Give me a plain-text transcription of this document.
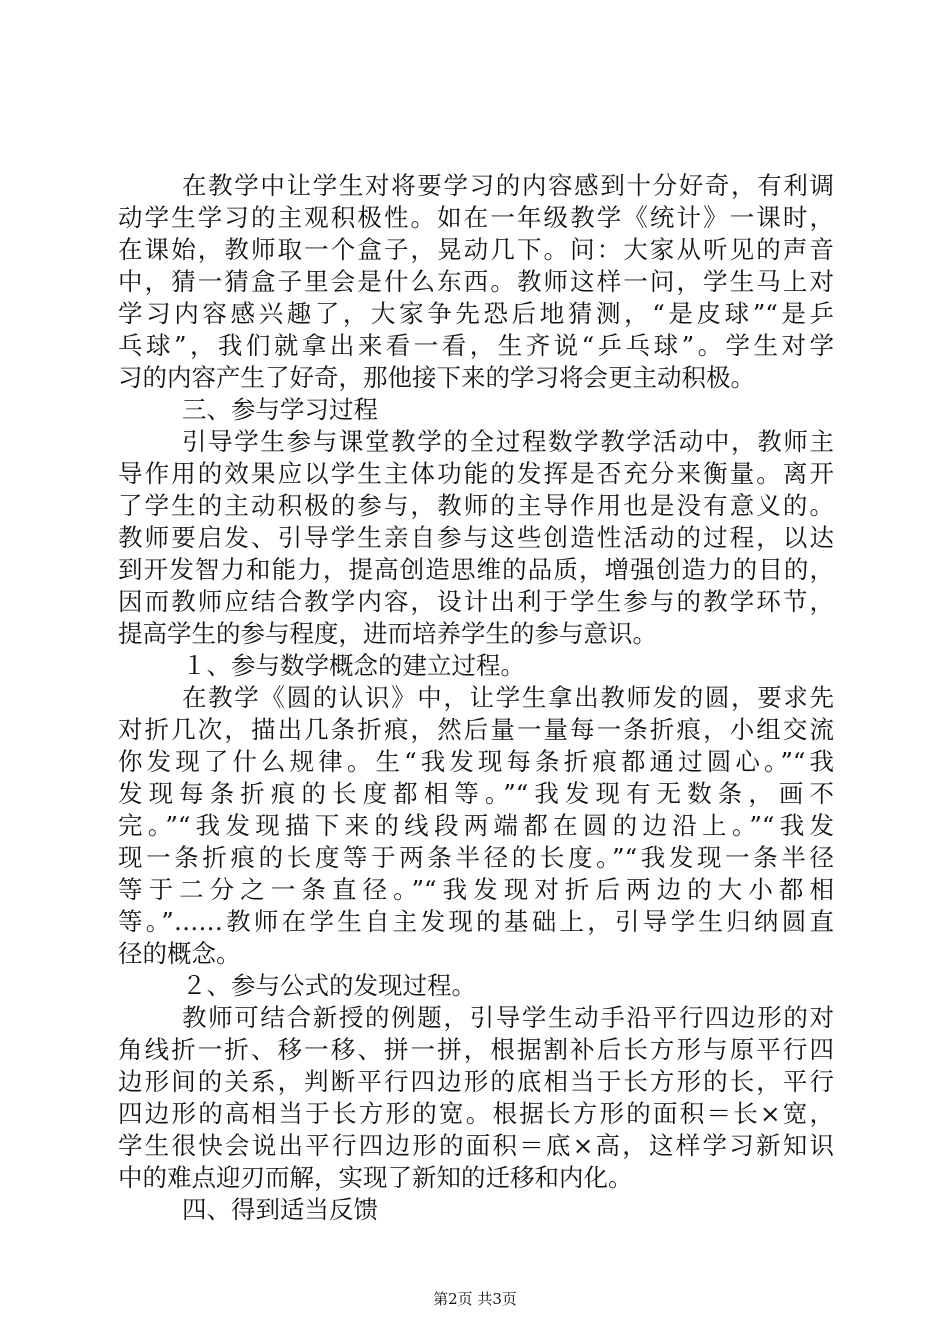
在教学中让学生对将要学习的内容感到十分好奇，有利调
动学生学习的主观积极性。如在一年级教学《统计》一课时，
在课始，教师取一个盒子，晃动几下。问：大家从听见的声音
中，猜一猜盒子里会是什么东西。教师这样一问，学生马上对
学习内容感兴趣了，大家争先恐后地猜测，“是皮球”“是乒
乓球”，我们就拿出来看一看，生齐说“乒乓球”。学生对学
习的内容产生了好奇，那他接下来的学习将会更主动积极。
三、参与学习过程
引导学生参与课堂教学的全过程数学教学活动中，教师主
导作用的效果应以学生主体功能的发挥是否充分来衡量。离开
了学生的主动积极的参与，教师的主导作用也是没有意义的。
教师要启发、引导学生亲自参与这些创造性活动的过程，以达
到开发智力和能力，提高创造思维的品质，增强创造力的目的，
因而教师应结合教学内容，设计出利于学生参与的教学环节，
提高学生的参与程度，进而培养学生的参与意识。
１、参与数学概念的建立过程。
在教学《圆的认识》中，让学生拿出教师发的圆，要求先
对折几次，描出几条折痕，然后量一量每一条折痕，小组交流
你发现了什么规律。生“我发现每条折痕都通过圆心。”“我
发现每条折痕的长度都相等。”“我发现有无数条，画不
完。”“我发现描下来的线段两端都在圆的边沿上。”“我发
现一条折痕的长度等于两条半径的长度。”“我发现一条半径
等于二分之一条直径。”“我发现对折后两边的大小都相
等。”……教师在学生自主发现的基础上，引导学生归纳圆直
径的概念。
２、参与公式的发现过程。
教师可结合新授的例题，引导学生动手沿平行四边形的对
角线折一折、移一移、拼一拼，根据割补后长方形与原平行四
边形间的关系，判断平行四边形的底相当于长方形的长，平行
四边形的高相当于长方形的宽。根据长方形的面积＝长×宽，
学生很快会说出平行四边形的面积＝底×高，这样学习新知识
中的难点迎刃而解，实现了新知的迁移和内化。
四、得到适当反馈
第2页 共3页
